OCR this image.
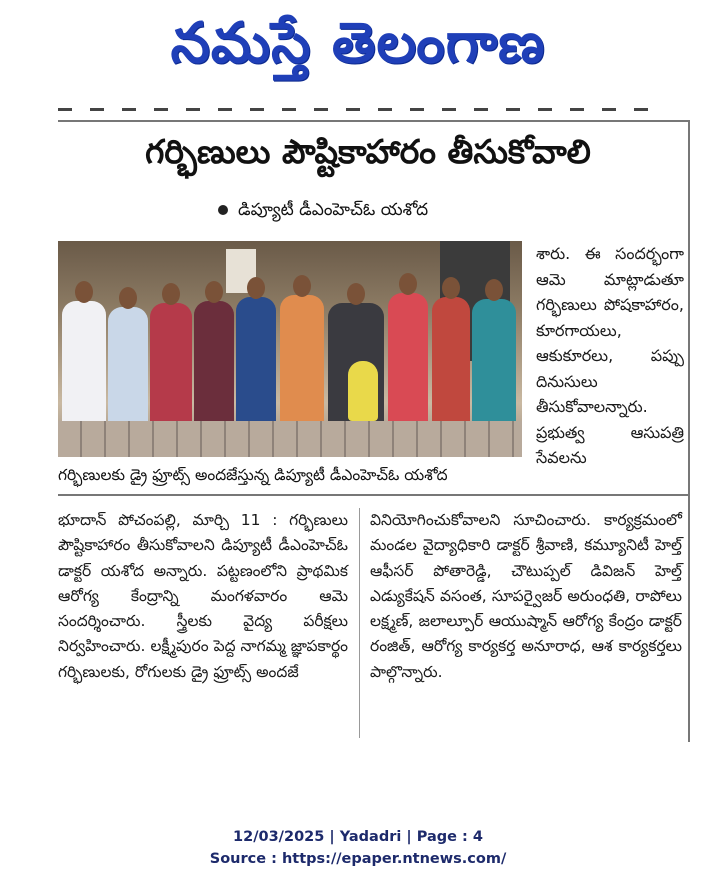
నమస్తే తెలంగాణ
గర్భిణులు పౌష్టికాహారం తీసుకోవాలి
డిప్యూటీ డీఎంహెచ్ఓ యశోద

శారు. ఈ సందర్భంగా ఆమె మాట్లాడుతూ గర్భిణులు పోషకాహారం, కూరగాయలు, ఆకుకూరలు, పప్పు దినుసులు తీసుకోవాలన్నారు. ప్రభుత్వ ఆసుపత్రి సేవలను

గర్భిణులకు డ్రై ఫ్రూట్స్ అందజేస్తున్న డిప్యూటీ డీఎంహెచ్ఓ యశోద

భూదాన్ పోచంపల్లి, మార్చి 11 : గర్భిణులు పౌష్టికాహారం తీసుకోవాలని డిప్యూటీ డీఎంహెచ్ఓ డాక్టర్ యశోద అన్నారు. పట్టణంలోని ప్రాథమిక ఆరోగ్య కేంద్రాన్ని మంగళవారం ఆమె సందర్శించారు. స్త్రీలకు వైద్య పరీక్షలు నిర్వహించారు. లక్ష్మీపురం పెద్ద నాగమ్మ జ్ఞాపకార్థం గర్భిణులకు, రోగులకు డ్రై ఫ్రూట్స్ అందజే

వినియోగించుకోవాలని సూచించారు. కార్యక్రమంలో మండల వైద్యాధికారి డాక్టర్ శ్రీవాణి, కమ్యూనిటీ హెల్త్ ఆఫీసర్ పోతారెడ్డి, చౌటుప్పల్ డివిజన్ హెల్త్ ఎడ్యుకేషన్ వసంత, సూపర్వైజర్ అరుంధతి, రాపోలు లక్ష్మణ్, జలాల్పూర్ ఆయుష్మాన్ ఆరోగ్య కేంద్రం డాక్టర్ రంజిత్, ఆరోగ్య కార్యకర్త అనూరాధ, ఆశ కార్యకర్తలు పాల్గొన్నారు.

12/03/2025 | Yadadri | Page : 4
Source : https://epaper.ntnews.com/
